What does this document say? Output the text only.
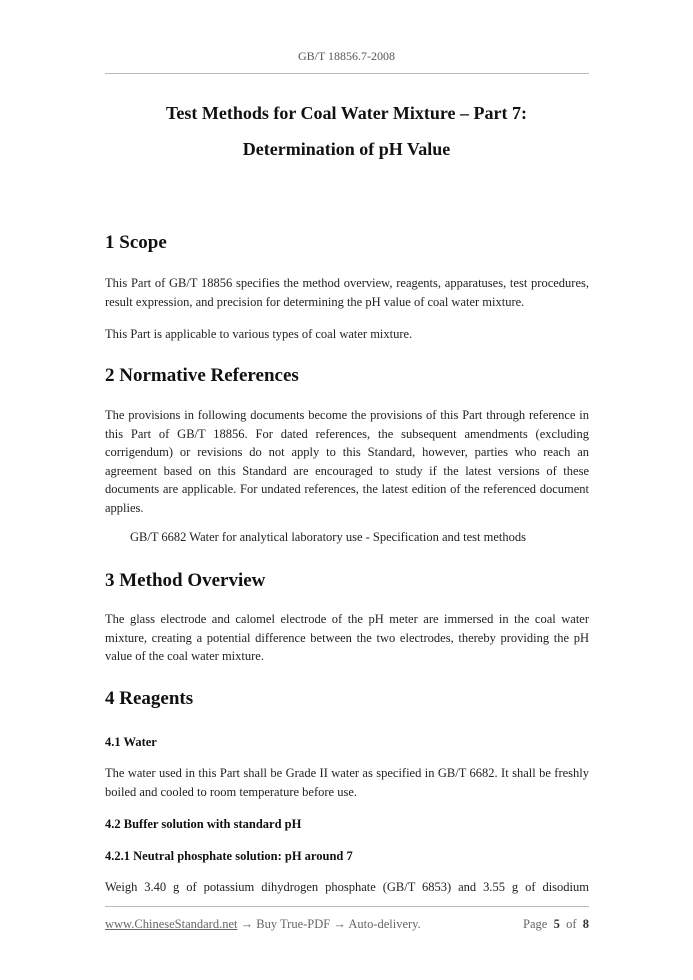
GB/T 18856.7-2008
Test Methods for Coal Water Mixture – Part 7:
Determination of pH Value
1 Scope
This Part of GB/T 18856 specifies the method overview, reagents, apparatuses, test procedures, result expression, and precision for determining the pH value of coal water mixture.
This Part is applicable to various types of coal water mixture.
2 Normative References
The provisions in following documents become the provisions of this Part through reference in this Part of GB/T 18856. For dated references, the subsequent amendments (excluding corrigendum) or revisions do not apply to this Standard, however, parties who reach an agreement based on this Standard are encouraged to study if the latest versions of these documents are applicable. For undated references, the latest edition of the referenced document applies.
GB/T 6682 Water for analytical laboratory use - Specification and test methods
3 Method Overview
The glass electrode and calomel electrode of the pH meter are immersed in the coal water mixture, creating a potential difference between the two electrodes, thereby providing the pH value of the coal water mixture.
4 Reagents
4.1 Water
The water used in this Part shall be Grade II water as specified in GB/T 6682. It shall be freshly boiled and cooled to room temperature before use.
4.2 Buffer solution with standard pH
4.2.1 Neutral phosphate solution: pH around 7
Weigh 3.40 g of potassium dihydrogen phosphate (GB/T 6853) and 3.55 g of disodium
www.ChineseStandard.net → Buy True-PDF → Auto-delivery.	Page 5 of 8
